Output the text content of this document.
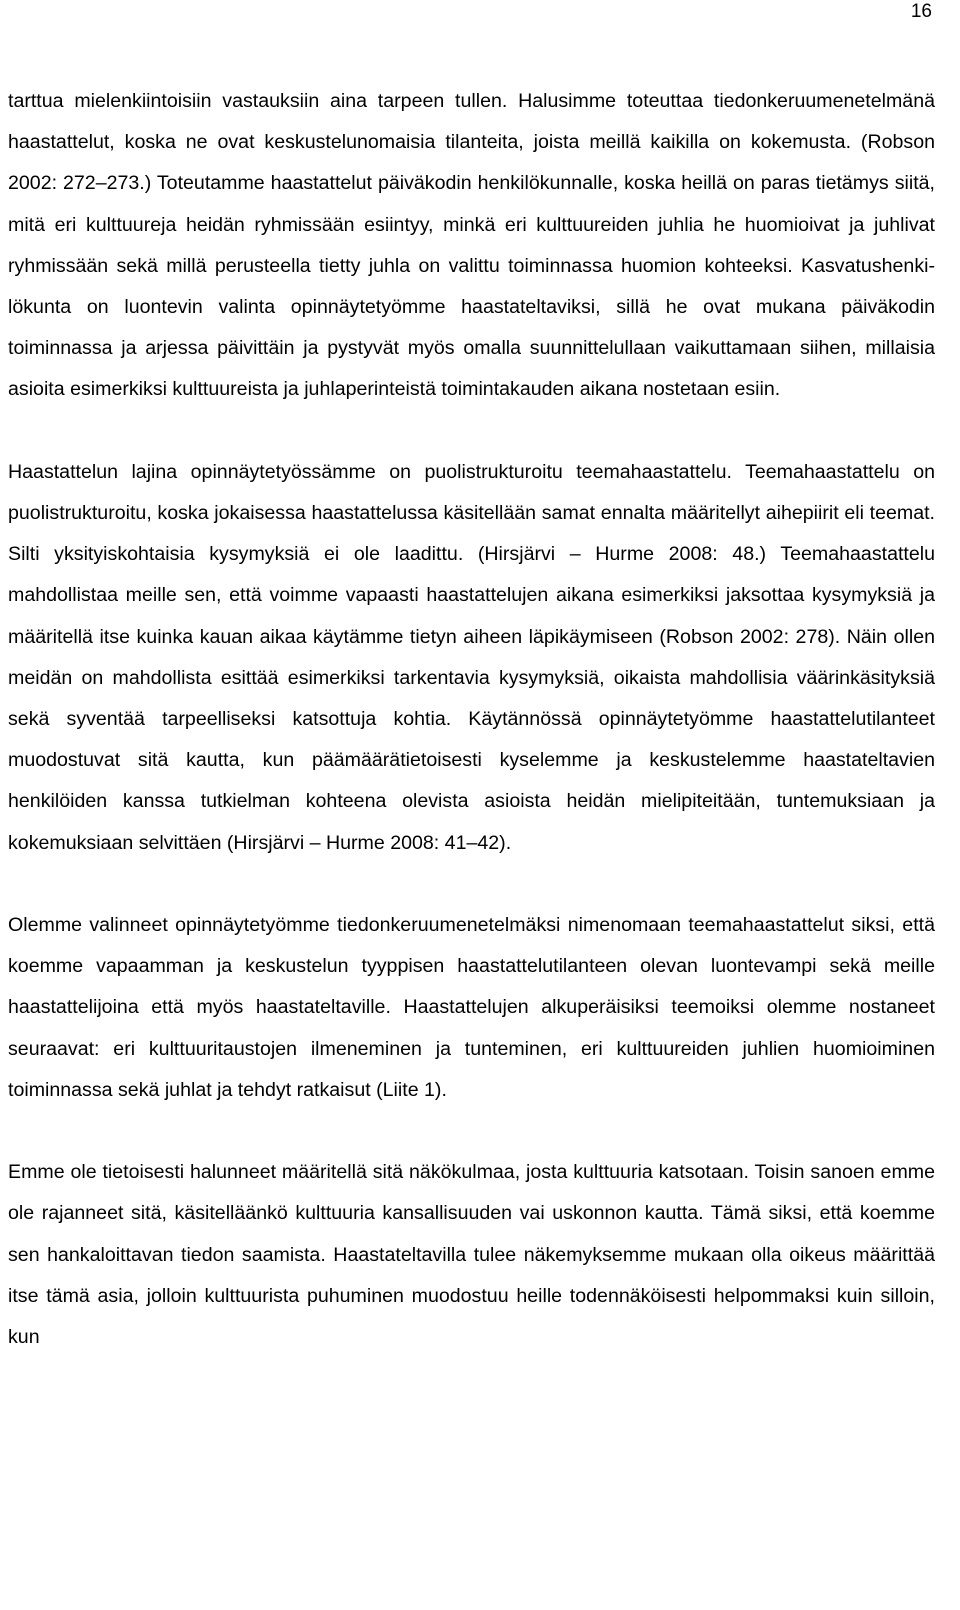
16

tarttua mielenkiintoisiin vastauksiin aina tarpeen tullen. Halusimme toteuttaa tiedonkeruumenetelmänä haastattelut, koska ne ovat keskustelunomaisia tilanteita, joista meillä kaikilla on kokemusta. (Robson 2002: 272–273.) Toteutamme haastattelut päiväkodin henkilökunnalle, koska heillä on paras tietämys siitä, mitä eri kulttuureja heidän ryhmissään esiintyy, minkä eri kulttuureiden juhlia he huomioivat ja juhlivat ryhmissään sekä millä perusteella tietty juhla on valittu toiminnassa huomion kohteeksi. Kasvatushenkilökunta on luontevin valinta opinnäytetyömme haastateltaviksi, sillä he ovat mukana päiväkodin toiminnassa ja arjessa päivittäin ja pystyvät myös omalla suunnittelullaan vaikuttamaan siihen, millaisia asioita esimerkiksi kulttuureista ja juhlaperinteistä toimintakauden aikana nostetaan esiin.

Haastattelun lajina opinnäytetyössämme on puolistrukturoitu teemahaastattelu. Teemahaastattelu on puolistrukturoitu, koska jokaisessa haastattelussa käsitellään samat ennalta määritellyt aihepiirit eli teemat. Silti yksityiskohtaisia kysymyksiä ei ole laadittu. (Hirsjärvi – Hurme 2008: 48.) Teemahaastattelu mahdollistaa meille sen, että voimme vapaasti haastattelujen aikana esimerkiksi jaksottaa kysymyksiä ja määritellä itse kuinka kauan aikaa käytämme tietyn aiheen läpikäymiseen (Robson 2002: 278). Näin ollen meidän on mahdollista esittää esimerkiksi tarkentavia kysymyksiä, oikaista mahdollisia väärinkäsityksiä sekä syventää tarpeelliseksi katsottuja kohtia. Käytännössä opinnäytetyömme haastattelutilanteet muodostuvat sitä kautta, kun päämäärätietoisesti kyselemme ja keskustelemme haastateltavien henkilöiden kanssa tutkielman kohteena olevista asioista heidän mielipiteitään, tuntemuksiaan ja kokemuksiaan selvittäen (Hirsjärvi – Hurme 2008: 41–42).

Olemme valinneet opinnäytetyömme tiedonkeruumenetelmäksi nimenomaan teemahaastattelut siksi, että koemme vapaamman ja keskustelun tyyppisen haastattelutilanteen olevan luontevampi sekä meille haastattelijoina että myös haastateltaville. Haastattelujen alkuperäisiksi teemoiksi olemme nostaneet seuraavat: eri kulttuuritaustojen ilmeneminen ja tunteminen, eri kulttuureiden juhlien huomioiminen toiminnassa sekä juhlat ja tehdyt ratkaisut (Liite 1).

Emme ole tietoisesti halunneet määritellä sitä näkökulmaa, josta kulttuuria katsotaan. Toisin sanoen emme ole rajanneet sitä, käsitelläänkö kulttuuria kansallisuuden vai uskonnon kautta. Tämä siksi, että koemme sen hankaloittavan tiedon saamista. Haastateltavilla tulee näkemyksemme mukaan olla oikeus määrittää itse tämä asia, jolloin kulttuurista puhuminen muodostuu heille todennäköisesti helpommaksi kuin silloin, kun
